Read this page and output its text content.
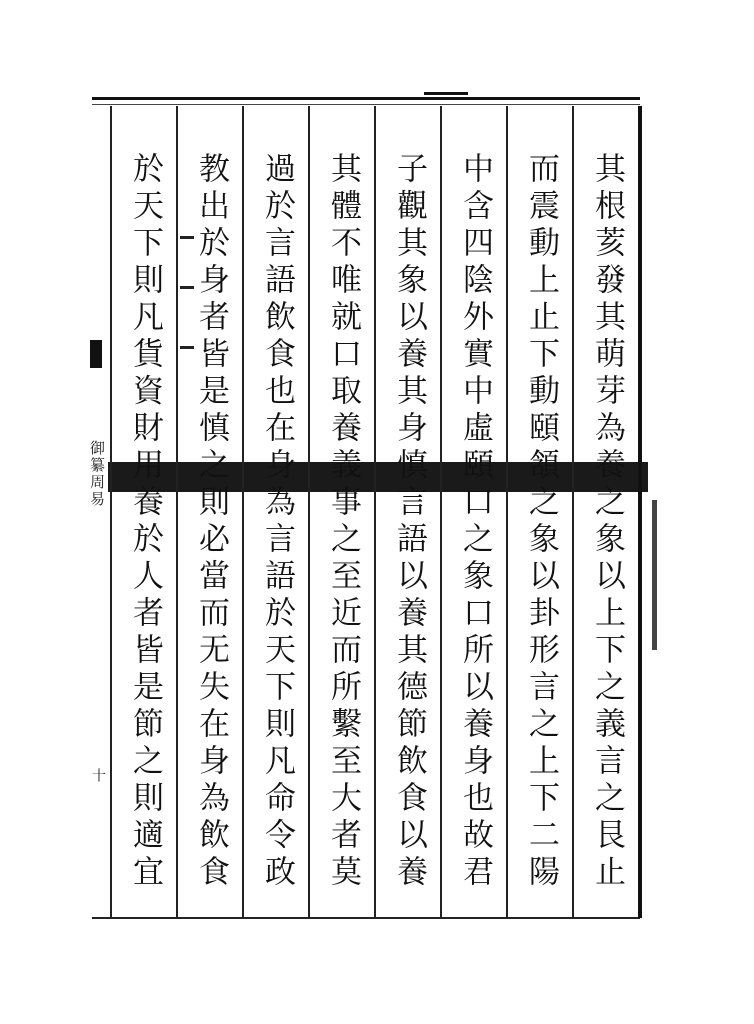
御纂周易
十	其根荄發其萌芽為養之象以上下之義言之艮止
而震動上止下動頤頷之象以卦形言之上下二陽
中含四陰外實中虛頤口之象口所以養身也故君
子觀其象以養其身慎言語以養其德節飲食以養
其體不唯就口取養義事之至近而所繫至大者莫
過於言語飲食也在身為言語於天下則凡命令政
教出於身者皆是慎之則必當而无失在身為飲食
於天下則凡貨資財用養於人者皆是節之則適宜
